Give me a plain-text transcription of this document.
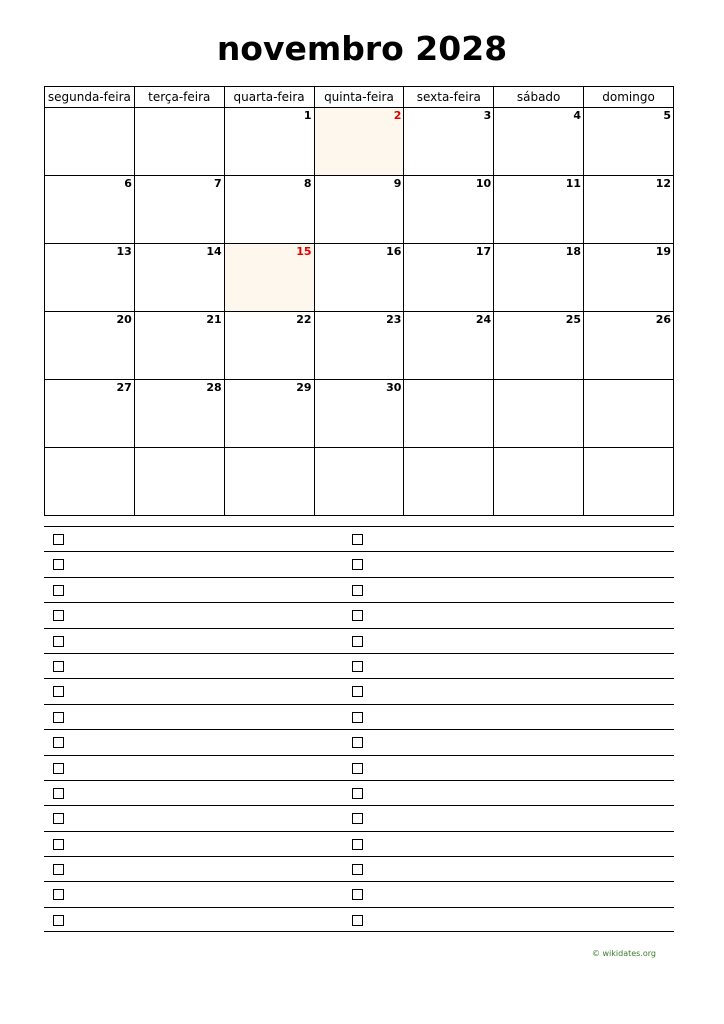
novembro 2028
segunda-feira	terça-feira	quarta-feira	quinta-feira	sexta-feira	sábado	domingo

		1	2	3	4	5

6	7	8	9	10	11	12

13	14	15	16	17	18	19

20	21	22	23	24	25	26

27	28	29	30			

© wikidates.org
